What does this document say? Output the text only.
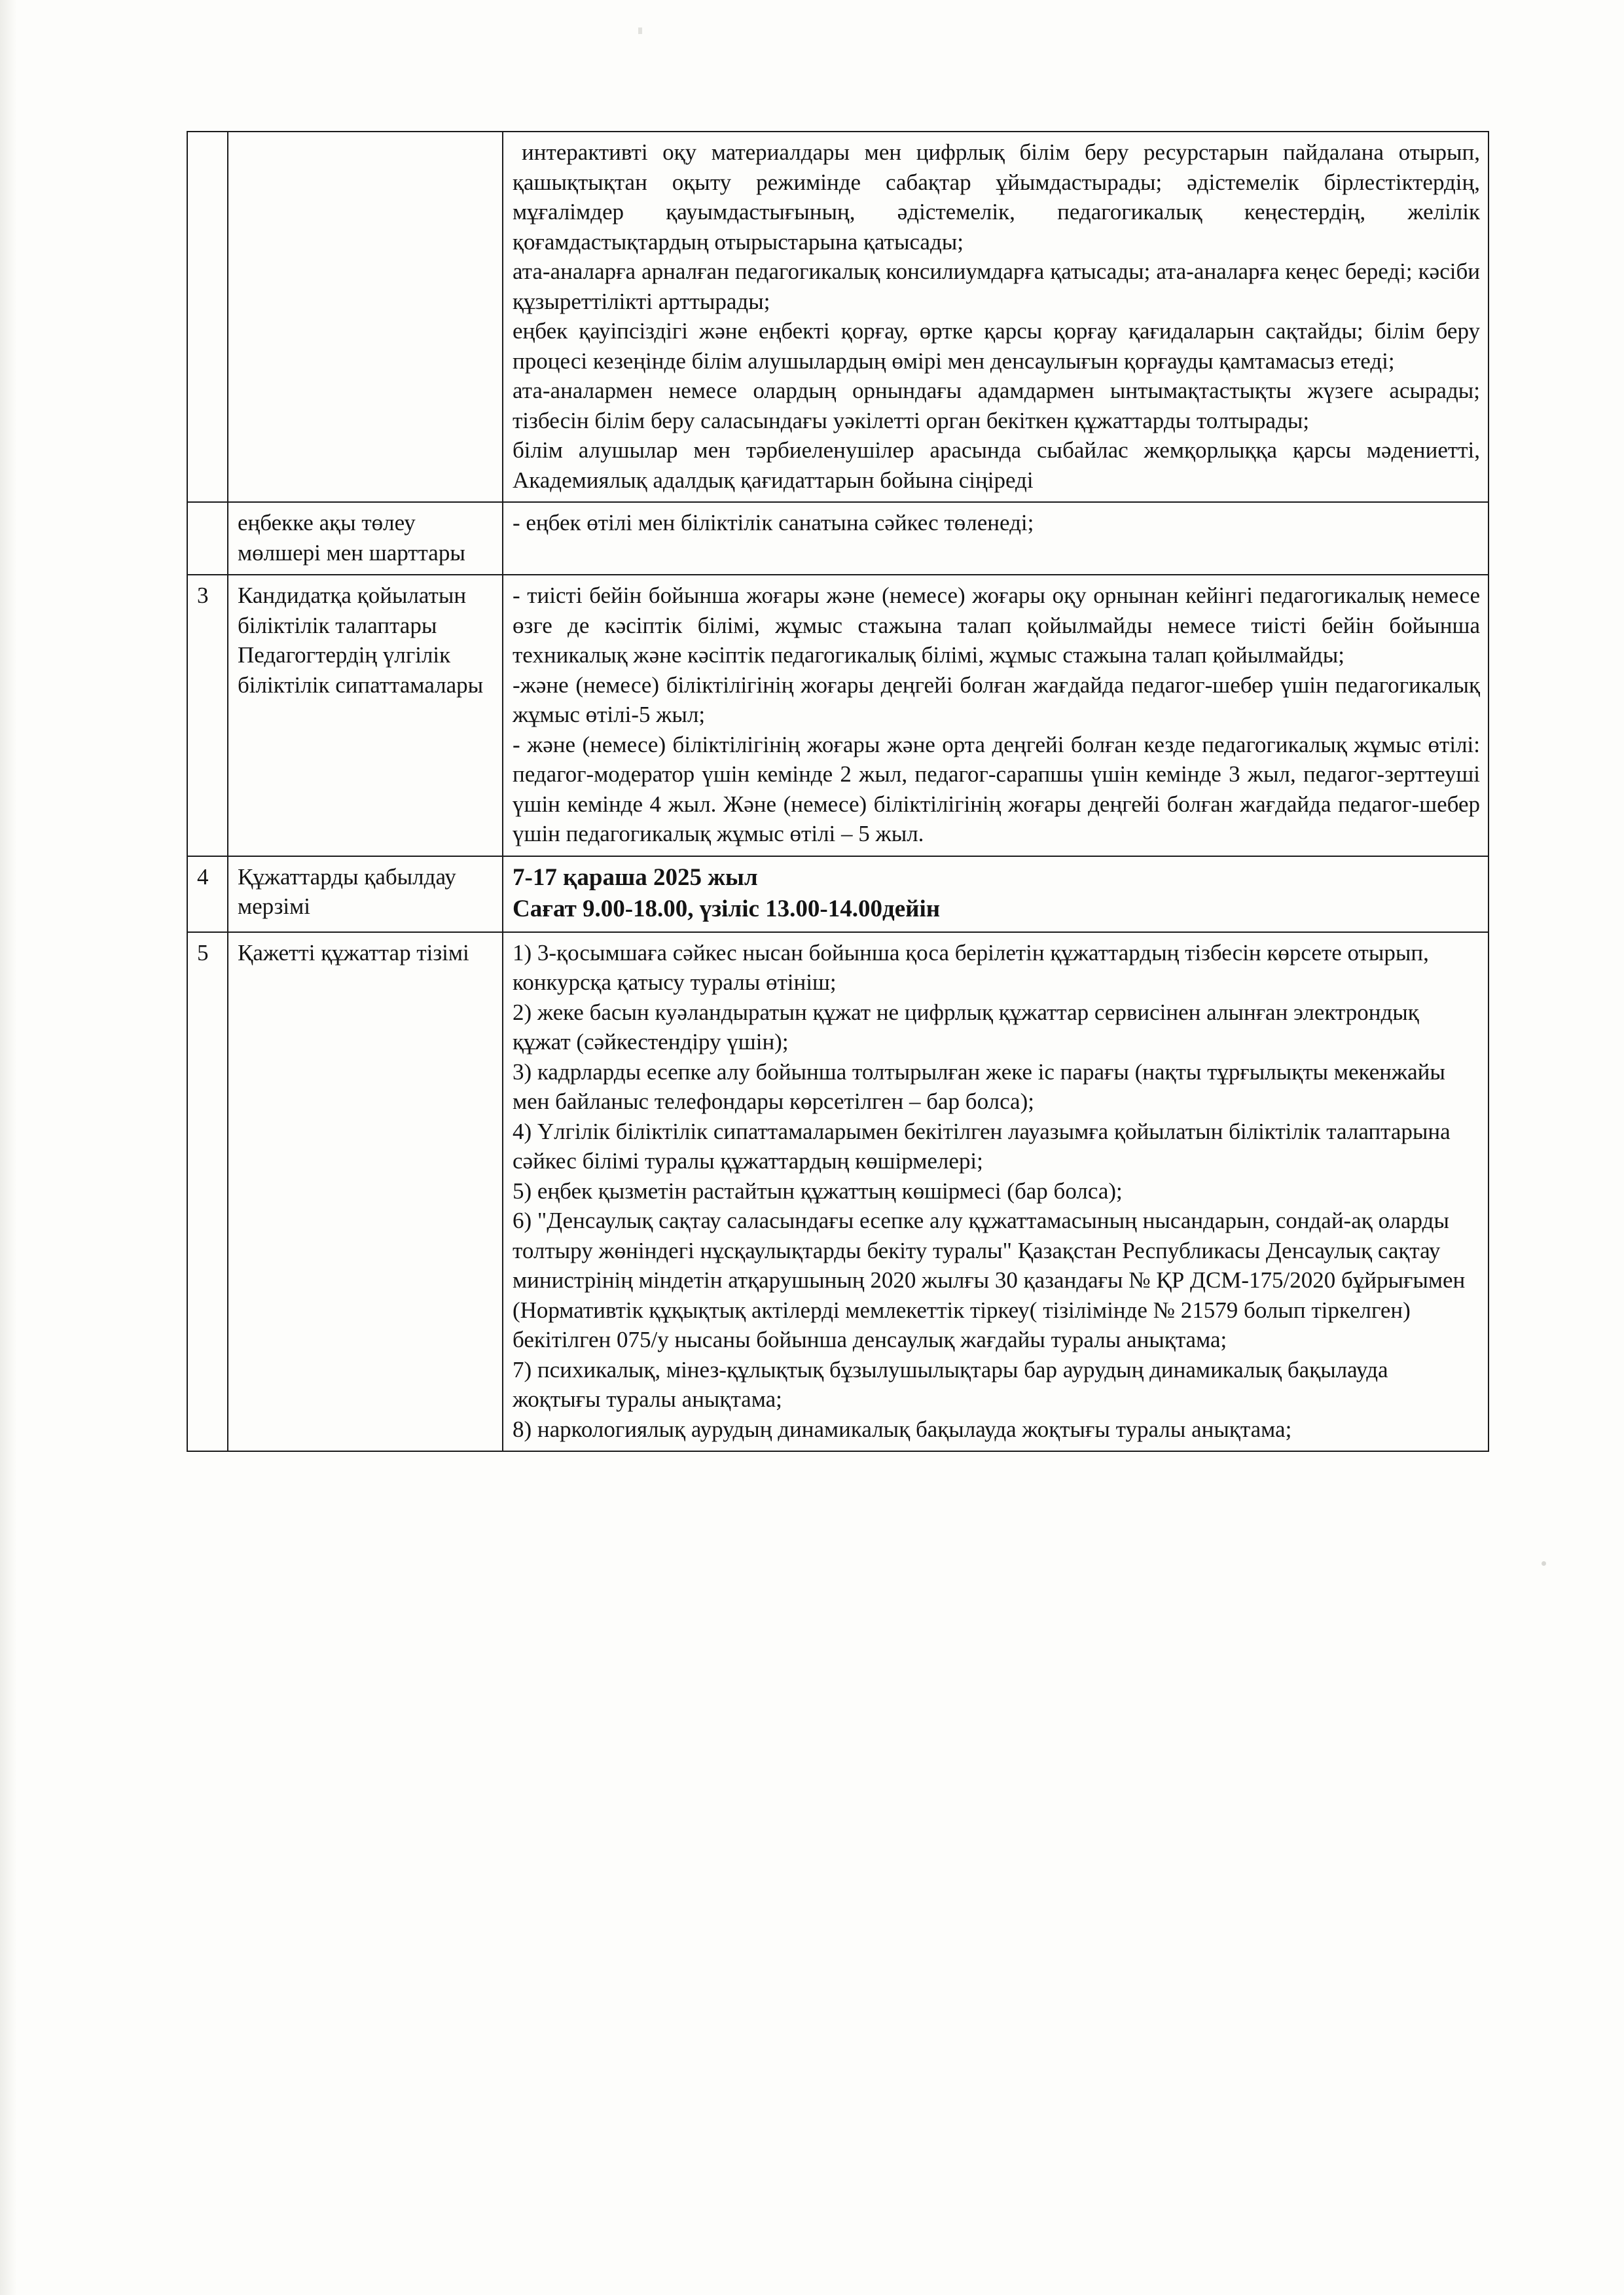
		интерактивті оқу материалдары мен цифрлық білім беру ресурстарын пайдалана отырып, қашықтықтан оқыту режимінде сабақтар ұйымдастырады; әдістемелік бірлестіктердің, мұғалімдер қауымдастығының, әдістемелік, педагогикалық кеңестердің, желілік қоғамдастықтардың отырыстарына қатысады;

ата-аналарға арналған педагогикалық консилиумдарға қатысады; ата-аналарға кеңес береді; кәсіби құзыреттілікті арттырады;

еңбек қауіпсіздігі және еңбекті қорғау, өртке қарсы қорғау қағидаларын сақтайды; білім беру процесі кезеңінде білім алушылардың өмірі мен денсаулығын қорғауды қамтамасыз етеді;

ата-аналармен немесе олардың орнындағы адамдармен ынтымақтастықты жүзеге асырады; тізбесін білім беру саласындағы уәкілетті орган бекіткен құжаттарды толтырады;

білім алушылар мен тәрбиеленушілер арасында сыбайлас жемқорлыққа қарсы мәдениетті, Академиялық адалдық қағидаттарын бойына сіңіреді

	еңбекке ақы төлеу мөлшері мен шарттары	- еңбек өтілі мен біліктілік санатына сәйкес төленеді;

3	Кандидатқа қойылатын біліктілік талаптары Педагогтердің үлгілік біліктілік сипаттамалары	- тиісті бейін бойынша жоғары және (немесе) жоғары оқу орнынан кейінгі педагогикалық немесе өзге де кәсіптік білімі, жұмыс стажына талап қойылмайды немесе тиісті бейін бойынша техникалық және кәсіптік педагогикалық білімі, жұмыс стажына талап қойылмайды;

-және (немесе) біліктілігінің жоғары деңгейі болған жағдайда педагог-шебер үшін педагогикалық жұмыс өтілі-5 жыл;

- және (немесе) біліктілігінің жоғары және орта деңгейі болған кезде педагогикалық жұмыс өтілі: педагог-модератор үшін кемінде 2 жыл, педагог-сарапшы үшін кемінде 3 жыл, педагог-зерттеуші үшін кемінде 4 жыл. Және (немесе) біліктілігінің жоғары деңгейі болған жағдайда педагог-шебер үшін педагогикалық жұмыс өтілі – 5 жыл.

4	Құжаттарды қабылдау мерзімі	7-17 қараша 2025 жыл

Сағат 9.00-18.00, үзіліс 13.00-14.00дейін

5	Қажетті құжаттар тізімі	1) 3-қосымшаға сәйкес нысан бойынша қоса берілетін құжаттардың тізбесін көрсете отырып, конкурсқа қатысу туралы өтініш;

2) жеке басын куәландыратын құжат не цифрлық құжаттар сервисінен алынған электрондық құжат (сәйкестендіру үшін);

3) кадрларды есепке алу бойынша толтырылған жеке іс парағы (нақты тұрғылықты мекенжайы мен байланыс телефондары көрсетілген – бар болса);

4) Үлгілік біліктілік сипаттамаларымен бекітілген лауазымға қойылатын біліктілік талаптарына сәйкес білімі туралы құжаттардың көшірмелері;

5) еңбек қызметін растайтын құжаттың көшірмесі (бар болса);

6) "Денсаулық сақтау саласындағы есепке алу құжаттамасының нысандарын, сондай-ақ оларды толтыру жөніндегі нұсқаулықтарды бекіту туралы" Қазақстан Республикасы Денсаулық сақтау министрінің міндетін атқарушының 2020 жылғы 30 қазандағы № ҚР ДСМ-175/2020 бұйрығымен (Нормативтік құқықтық актілерді мемлекеттік тіркеу( тізілімінде № 21579 болып тіркелген) бекітілген 075/у нысаны бойынша денсаулық жағдайы туралы анықтама;

7) психикалық, мінез-құлықтық бұзылушылықтары бар аурудың динамикалық бақылауда жоқтығы туралы анықтама;

8) наркологиялық аурудың динамикалық бақылауда жоқтығы туралы анықтама;
